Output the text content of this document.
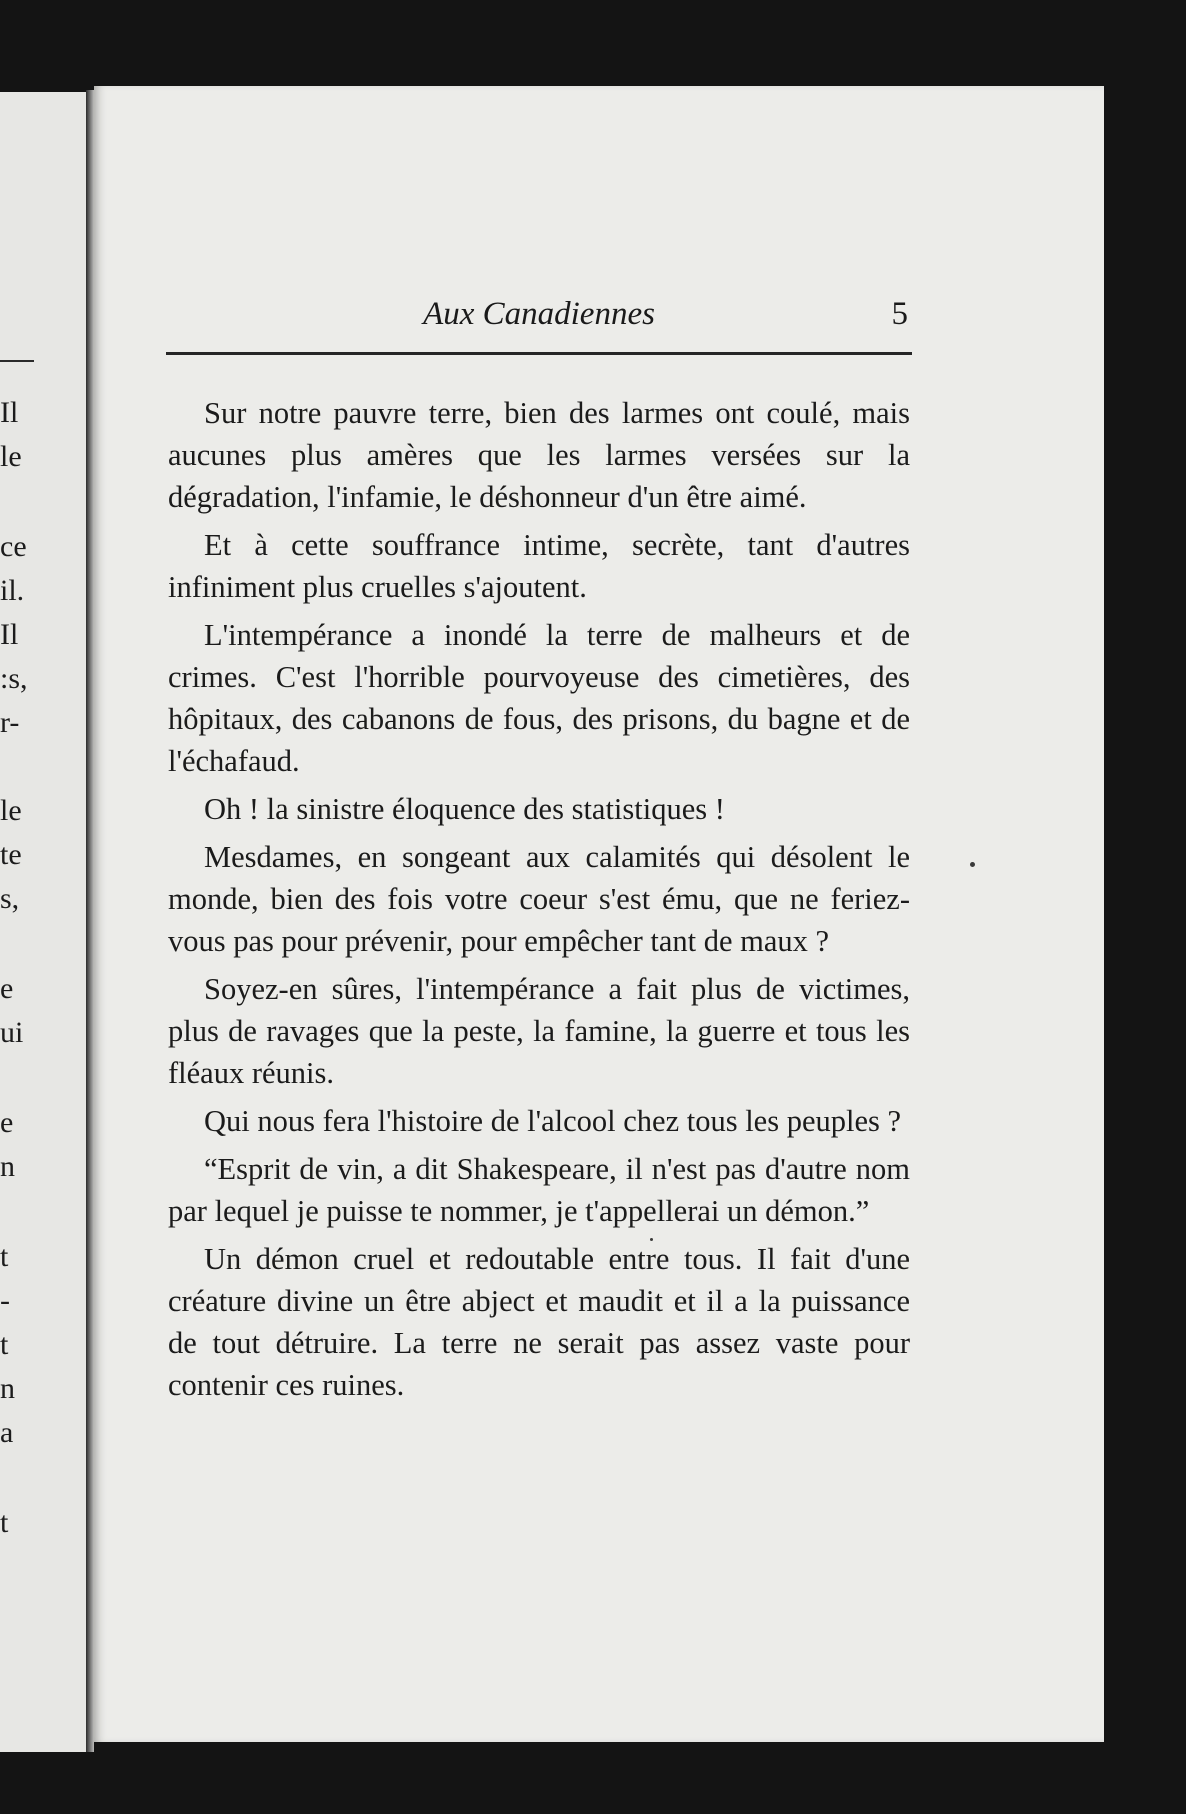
Il
le
ce
il.
Il
:s,
r-
le
te
s,
e
ui
e
n
t
-
t
n
a
t
Aux Canadiennes	5

Sur notre pauvre terre, bien des larmes ont coulé, mais aucunes plus amères que les larmes versées sur la dégradation, l'infamie, le déshonneur d'un être aimé.

Et à cette souffrance intime, secrète, tant d'autres infiniment plus cruelles s'ajoutent.

L'intempérance a inondé la terre de malheurs et de crimes. C'est l'horrible pourvoyeuse des cimetières, des hôpitaux, des cabanons de fous, des prisons, du bagne et de l'échafaud.

Oh ! la sinistre éloquence des statistiques !

Mesdames, en songeant aux calamités qui désolent le monde, bien des fois votre coeur s'est ému, que ne feriez-vous pas pour prévenir, pour empêcher tant de maux ?

Soyez-en sûres, l'intempérance a fait plus de victimes, plus de ravages que la peste, la famine, la guerre et tous les fléaux réunis.

Qui nous fera l'histoire de l'alcool chez tous les peuples ?

“Esprit de vin, a dit Shakespeare, il n'est pas d'autre nom par lequel je puisse te nommer, je t'appellerai un démon.”

Un démon cruel et redoutable entre tous. Il fait d'une créature divine un être abject et maudit et il a la puissance de tout détruire. La terre ne serait pas assez vaste pour contenir ces ruines.
